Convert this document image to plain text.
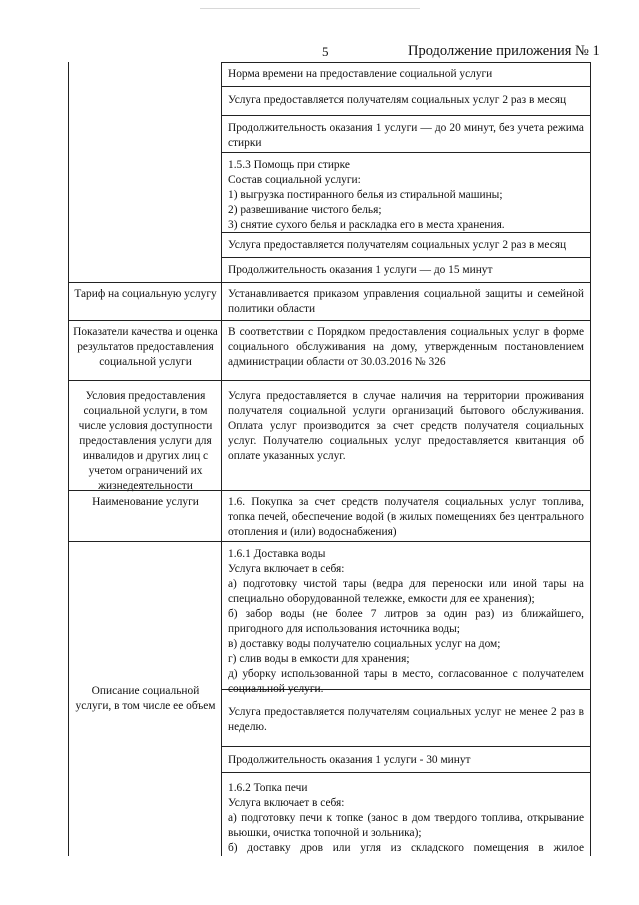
5	Продолжение приложения № 1
Норма времени на предоставление социальной услуги
Услуга предоставляется получателям социальных услуг 2 раз в месяц
Продолжительность оказания 1 услуги — до 20 минут, без учета режима стирки
1.5.3 Помощь при стирке
Состав социальной услуги:
1) выгрузка постиранного белья из стиральной машины;
2) развешивание чистого белья;
3) снятие сухого белья и раскладка его в места хранения.
Услуга предоставляется получателям социальных услуг 2 раз в месяц
Продолжительность оказания 1 услуги — до 15 минут
Устанавливается приказом управления социальной защиты и семейной политики области
В соответствии с Порядком предоставления социальных услуг в форме социального обслуживания на дому, утвержденным постановлением администрации области от 30.03.2016 № 326
Услуга предоставляется в случае наличия на территории проживания получателя социальной услуги организаций бытового обслуживания. Оплата услуг производится за счет средств получателя социальных услуг. Получателю социальных услуг предоставляется квитанция об оплате указанных услуг.
1.6. Покупка за счет средств получателя социальных услуг топлива, топка печей, обеспечение водой (в жилых помещениях без центрального отопления и (или) водоснабжения)
1.6.1 Доставка воды
Услуга включает в себя:
а) подготовку чистой тары (ведра для переноски или иной тары на специально оборудованной тележке, емкости для ее хранения);
б) забор воды (не более 7 литров за один раз) из ближайшего, пригодного для использования источника воды;
в) доставку воды получателю социальных услуг на дом;
г) слив воды в емкости для хранения;
д) уборку использованной тары в место, согласованное с получателем социальной услуги.
Услуга предоставляется получателям социальных услуг не менее 2 раз в неделю.
Продолжительность оказания 1 услуги - 30 минут
1.6.2 Топка печи
Услуга включает в себя:
а) подготовку печи к топке (занос в дом твердого топлива, открывание вьюшки, очистка топочной и зольника);
б) доставку дров или угля из складского помещения в жилое
Тариф на социальную услугу
Показатели качества и оценка результатов предоставления социальной услуги
Условия предоставления социальной услуги, в том числе условия доступности предоставления услуги для инвалидов и других лиц с учетом ограничений их жизнедеятельности
Наименование услуги
Описание социальной услуги, в том числе ее объем
